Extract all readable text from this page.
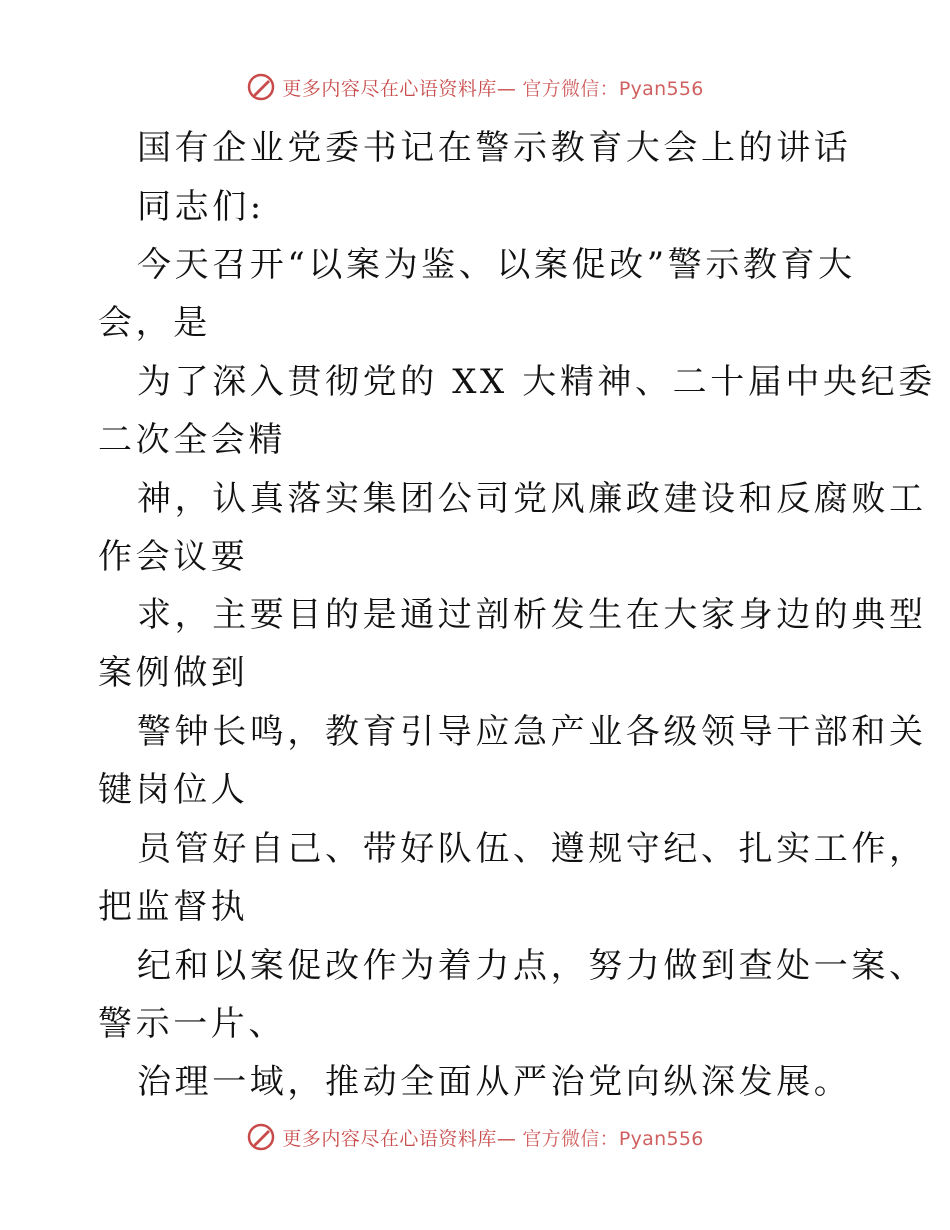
更多内容尽在心语资料库— 官方微信：Pyan556

国有企业党委书记在警示教育大会上的讲话

同志们:

今天召开“以案为鉴、以案促改”警示教育大

会，是

为了深入贯彻党的 XX 大精神、二十届中央纪委

二次全会精

神，认真落实集团公司党风廉政建设和反腐败工

作会议要

求，主要目的是通过剖析发生在大家身边的典型

案例做到

警钟长鸣，教育引导应急产业各级领导干部和关

键岗位人

员管好自己、带好队伍、遵规守纪、扎实工作，

把监督执

纪和以案促改作为着力点，努力做到查处一案、

警示一片、

治理一域，推动全面从严治党向纵深发展。

更多内容尽在心语资料库— 官方微信：Pyan556
